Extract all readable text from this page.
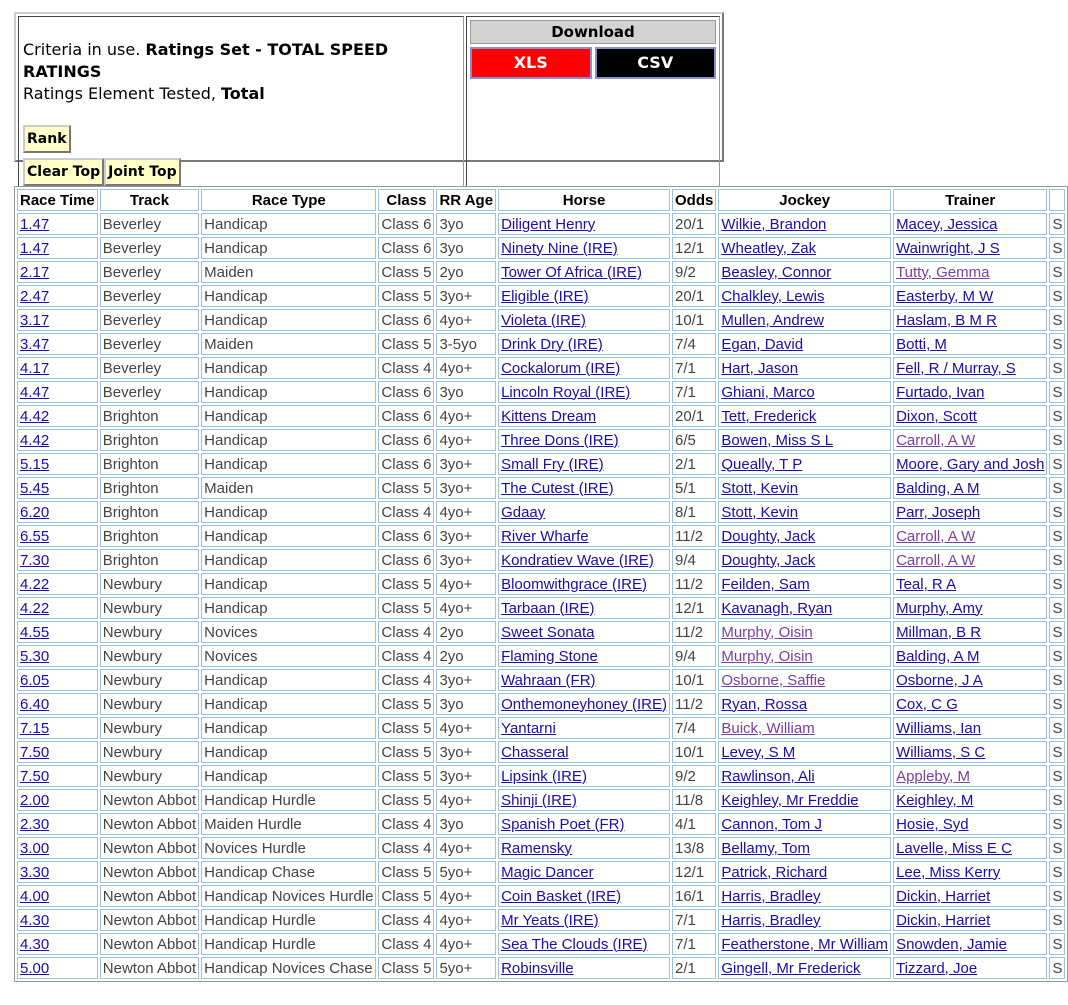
Criteria in use. Ratings Set - TOTAL SPEED RATINGS
Ratings Element Tested, Total
Rank
Clear Top Joint Top

Download
XLS	CSV
Race Time	Track	Race Type	Class	RR Age	Horse	Odds	Jockey	Trainer	
1.47	Beverley	Handicap	Class 6	3yo	Diligent Henry	20/1	Wilkie, Brandon	Macey, Jessica	S
1.47	Beverley	Handicap	Class 6	3yo	Ninety Nine (IRE)	12/1	Wheatley, Zak	Wainwright, J S	S
2.17	Beverley	Maiden	Class 5	2yo	Tower Of Africa (IRE)	9/2	Beasley, Connor	Tutty, Gemma	S
2.47	Beverley	Handicap	Class 5	3yo+	Eligible (IRE)	20/1	Chalkley, Lewis	Easterby, M W	S
3.17	Beverley	Handicap	Class 6	4yo+	Violeta (IRE)	10/1	Mullen, Andrew	Haslam, B M R	S
3.47	Beverley	Maiden	Class 5	3-5yo	Drink Dry (IRE)	7/4	Egan, David	Botti, M	S
4.17	Beverley	Handicap	Class 4	4yo+	Cockalorum (IRE)	7/1	Hart, Jason	Fell, R / Murray, S	S
4.47	Beverley	Handicap	Class 6	3yo	Lincoln Royal (IRE)	7/1	Ghiani, Marco	Furtado, Ivan	S
4.42	Brighton	Handicap	Class 6	4yo+	Kittens Dream	20/1	Tett, Frederick	Dixon, Scott	S
4.42	Brighton	Handicap	Class 6	4yo+	Three Dons (IRE)	6/5	Bowen, Miss S L	Carroll, A W	S
5.15	Brighton	Handicap	Class 6	3yo+	Small Fry (IRE)	2/1	Queally, T P	Moore, Gary and Josh	S
5.45	Brighton	Maiden	Class 5	3yo+	The Cutest (IRE)	5/1	Stott, Kevin	Balding, A M	S
6.20	Brighton	Handicap	Class 4	4yo+	Gdaay	8/1	Stott, Kevin	Parr, Joseph	S
6.55	Brighton	Handicap	Class 6	3yo+	River Wharfe	11/2	Doughty, Jack	Carroll, A W	S
7.30	Brighton	Handicap	Class 6	3yo+	Kondratiev Wave (IRE)	9/4	Doughty, Jack	Carroll, A W	S
4.22	Newbury	Handicap	Class 5	4yo+	Bloomwithgrace (IRE)	11/2	Feilden, Sam	Teal, R A	S
4.22	Newbury	Handicap	Class 5	4yo+	Tarbaan (IRE)	12/1	Kavanagh, Ryan	Murphy, Amy	S
4.55	Newbury	Novices	Class 4	2yo	Sweet Sonata	11/2	Murphy, Oisin	Millman, B R	S
5.30	Newbury	Novices	Class 4	2yo	Flaming Stone	9/4	Murphy, Oisin	Balding, A M	S
6.05	Newbury	Handicap	Class 4	3yo+	Wahraan (FR)	10/1	Osborne, Saffie	Osborne, J A	S
6.40	Newbury	Handicap	Class 5	3yo	Onthemoneyhoney (IRE)	11/2	Ryan, Rossa	Cox, C G	S
7.15	Newbury	Handicap	Class 5	4yo+	Yantarni	7/4	Buick, William	Williams, Ian	S
7.50	Newbury	Handicap	Class 5	3yo+	Chasseral	10/1	Levey, S M	Williams, S C	S
7.50	Newbury	Handicap	Class 5	3yo+	Lipsink (IRE)	9/2	Rawlinson, Ali	Appleby, M	S
2.00	Newton Abbot	Handicap Hurdle	Class 5	4yo+	Shinji (IRE)	11/8	Keighley, Mr Freddie	Keighley, M	S
2.30	Newton Abbot	Maiden Hurdle	Class 4	3yo	Spanish Poet (FR)	4/1	Cannon, Tom J	Hosie, Syd	S
3.00	Newton Abbot	Novices Hurdle	Class 4	4yo+	Ramensky	13/8	Bellamy, Tom	Lavelle, Miss E C	S
3.30	Newton Abbot	Handicap Chase	Class 5	5yo+	Magic Dancer	12/1	Patrick, Richard	Lee, Miss Kerry	S
4.00	Newton Abbot	Handicap Novices Hurdle	Class 5	4yo+	Coin Basket (IRE)	16/1	Harris, Bradley	Dickin, Harriet	S
4.30	Newton Abbot	Handicap Hurdle	Class 4	4yo+	Mr Yeats (IRE)	7/1	Harris, Bradley	Dickin, Harriet	S
4.30	Newton Abbot	Handicap Hurdle	Class 4	4yo+	Sea The Clouds (IRE)	7/1	Featherstone, Mr William	Snowden, Jamie	S
5.00	Newton Abbot	Handicap Novices Chase	Class 5	5yo+	Robinsville	2/1	Gingell, Mr Frederick	Tizzard, Joe	S
